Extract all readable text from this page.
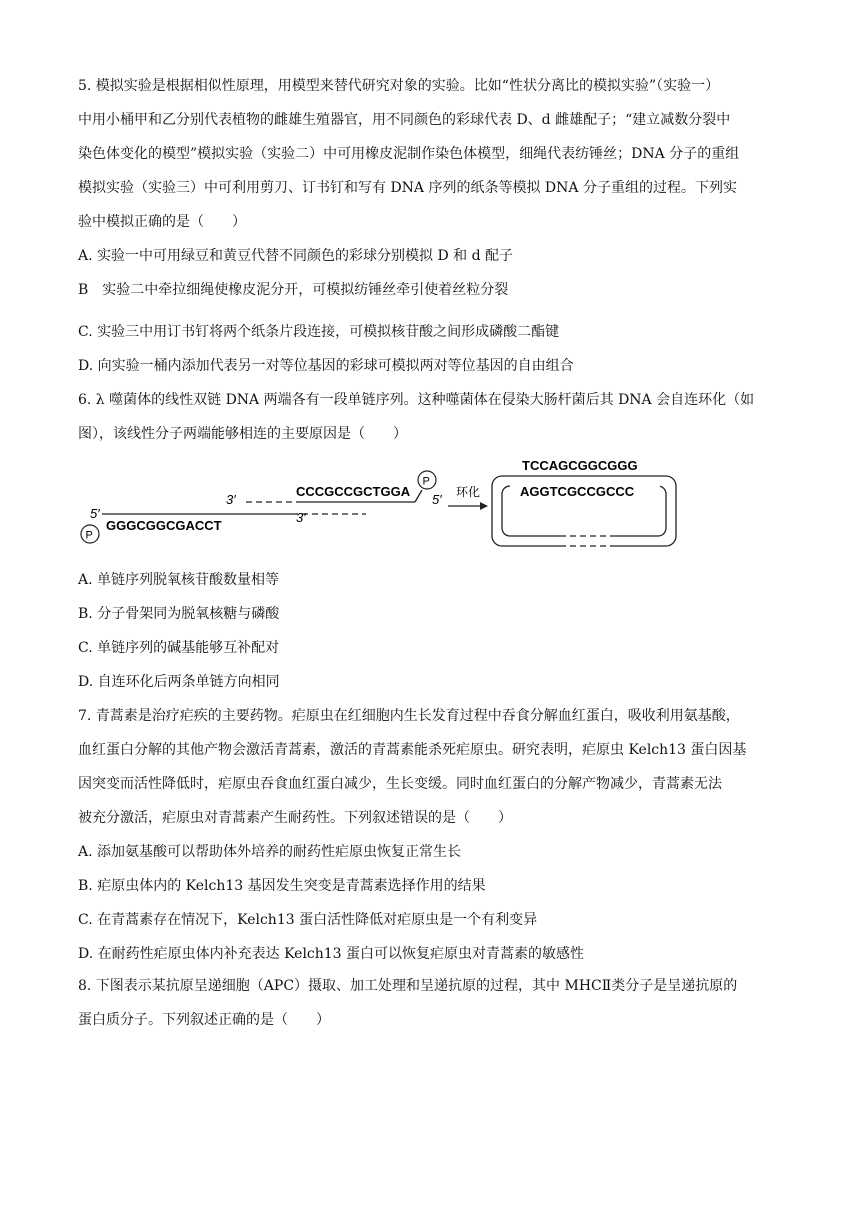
5. 模拟实验是根据相似性原理，用模型来替代研究对象的实验。比如“性状分离比的模拟实验”（实验一）
中用小桶甲和乙分别代表植物的雌雄生殖器官，用不同颜色的彩球代表 D、d 雌雄配子；“建立减数分裂中
染色体变化的模型”模拟实验（实验二）中可用橡皮泥制作染色体模型，细绳代表纺锤丝；DNA 分子的重组
模拟实验（实验三）中可利用剪刀、订书钉和写有 DNA 序列的纸条等模拟 DNA 分子重组的过程。下列实
验中模拟正确的是（　　）
A. 实验一中可用绿豆和黄豆代替不同颜色的彩球分别模拟 D 和 d 配子
B　实验二中牵拉细绳使橡皮泥分开，可模拟纺锤丝牵引使着丝粒分裂
C. 实验三中用订书钉将两个纸条片段连接，可模拟核苷酸之间形成磷酸二酯键
D. 向实验一桶内添加代表另一对等位基因的彩球可模拟两对等位基因的自由组合
6. λ 噬菌体的线性双链 DNA 两端各有一段单链序列。这种噬菌体在侵染大肠杆菌后其 DNA 会自连环化（如
图），该线性分子两端能够相连的主要原因是（　　）
5′
P
GGGCGGCGACCT
3′
3′
CCCGCCGCTGGA
P
5′ 环化
TCCAGCGGCGGG
AGGTCGCCGCCC
A. 单链序列脱氧核苷酸数量相等
B. 分子骨架同为脱氧核糖与磷酸
C. 单链序列的碱基能够互补配对
D. 自连环化后两条单链方向相同
7. 青蒿素是治疗疟疾的主要药物。疟原虫在红细胞内生长发育过程中吞食分解血红蛋白，吸收利用氨基酸，
血红蛋白分解的其他产物会激活青蒿素，激活的青蒿素能杀死疟原虫。研究表明，疟原虫 Kelch13 蛋白因基
因突变而活性降低时，疟原虫吞食血红蛋白减少，生长变缓。同时血红蛋白的分解产物减少，青蒿素无法
被充分激活，疟原虫对青蒿素产生耐药性。下列叙述错误的是（　　）
A. 添加氨基酸可以帮助体外培养的耐药性疟原虫恢复正常生长
B. 疟原虫体内的 Kelch13 基因发生突变是青蒿素选择作用的结果
C. 在青蒿素存在情况下，Kelch13 蛋白活性降低对疟原虫是一个有利变异
D. 在耐药性疟原虫体内补充表达 Kelch13 蛋白可以恢复疟原虫对青蒿素的敏感性
8. 下图表示某抗原呈递细胞（APC）摄取、加工处理和呈递抗原的过程，其中 MHCⅡ类分子是呈递抗原的
蛋白质分子。下列叙述正确的是（　　）
